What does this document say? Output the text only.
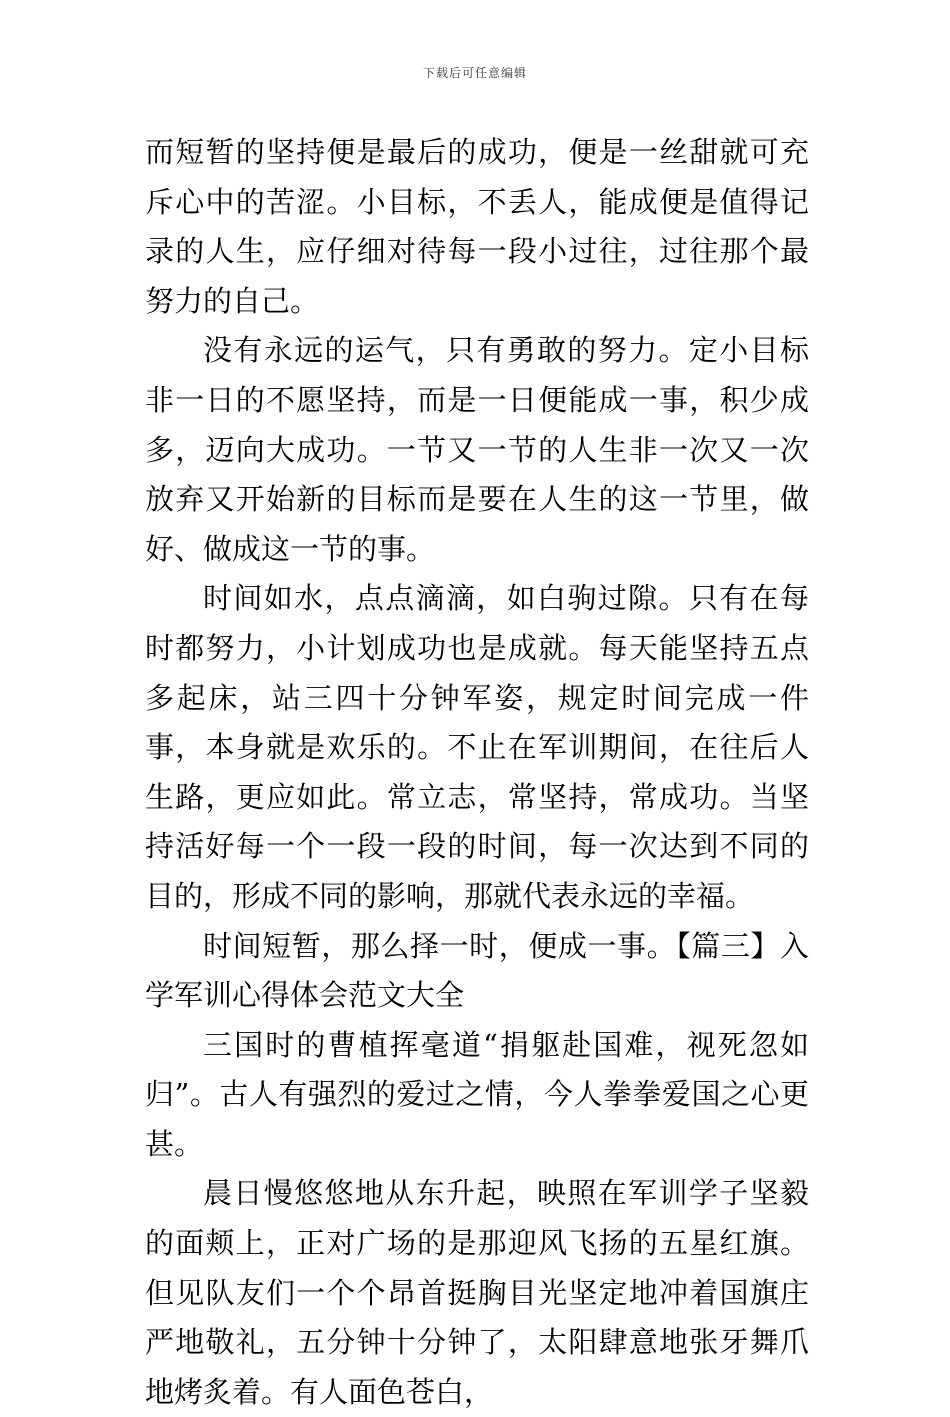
下载后可任意编辑

而短暂的坚持便是最后的成功，便是一丝甜就可充斥心中的苦涩。小目标，不丢人，能成便是值得记录的人生，应仔细对待每一段小过往，过往那个最努力的自己。

没有永远的运气，只有勇敢的努力。定小目标非一日的不愿坚持，而是一日便能成一事，积少成多，迈向大成功。一节又一节的人生非一次又一次放弃又开始新的目标而是要在人生的这一节里，做好、做成这一节的事。

时间如水，点点滴滴，如白驹过隙。只有在每时都努力，小计划成功也是成就。每天能坚持五点多起床，站三四十分钟军姿，规定时间完成一件事，本身就是欢乐的。不止在军训期间，在往后人生路，更应如此。常立志，常坚持，常成功。当坚持活好每一个一段一段的时间，每一次达到不同的目的，形成不同的影响，那就代表永远的幸福。

时间短暂，那么择一时，便成一事。【篇三】入学军训心得体会范文大全

三国时的曹植挥毫道“捐躯赴国难，视死忽如归”。古人有强烈的爱过之情，今人拳拳爱国之心更甚。

晨日慢悠悠地从东升起，映照在军训学子坚毅的面颊上，正对广场的是那迎风飞扬的五星红旗。但见队友们一个个昂首挺胸目光坚定地冲着国旗庄严地敬礼，五分钟十分钟了，太阳肆意地张牙舞爪地烤炙着。有人面色苍白，
